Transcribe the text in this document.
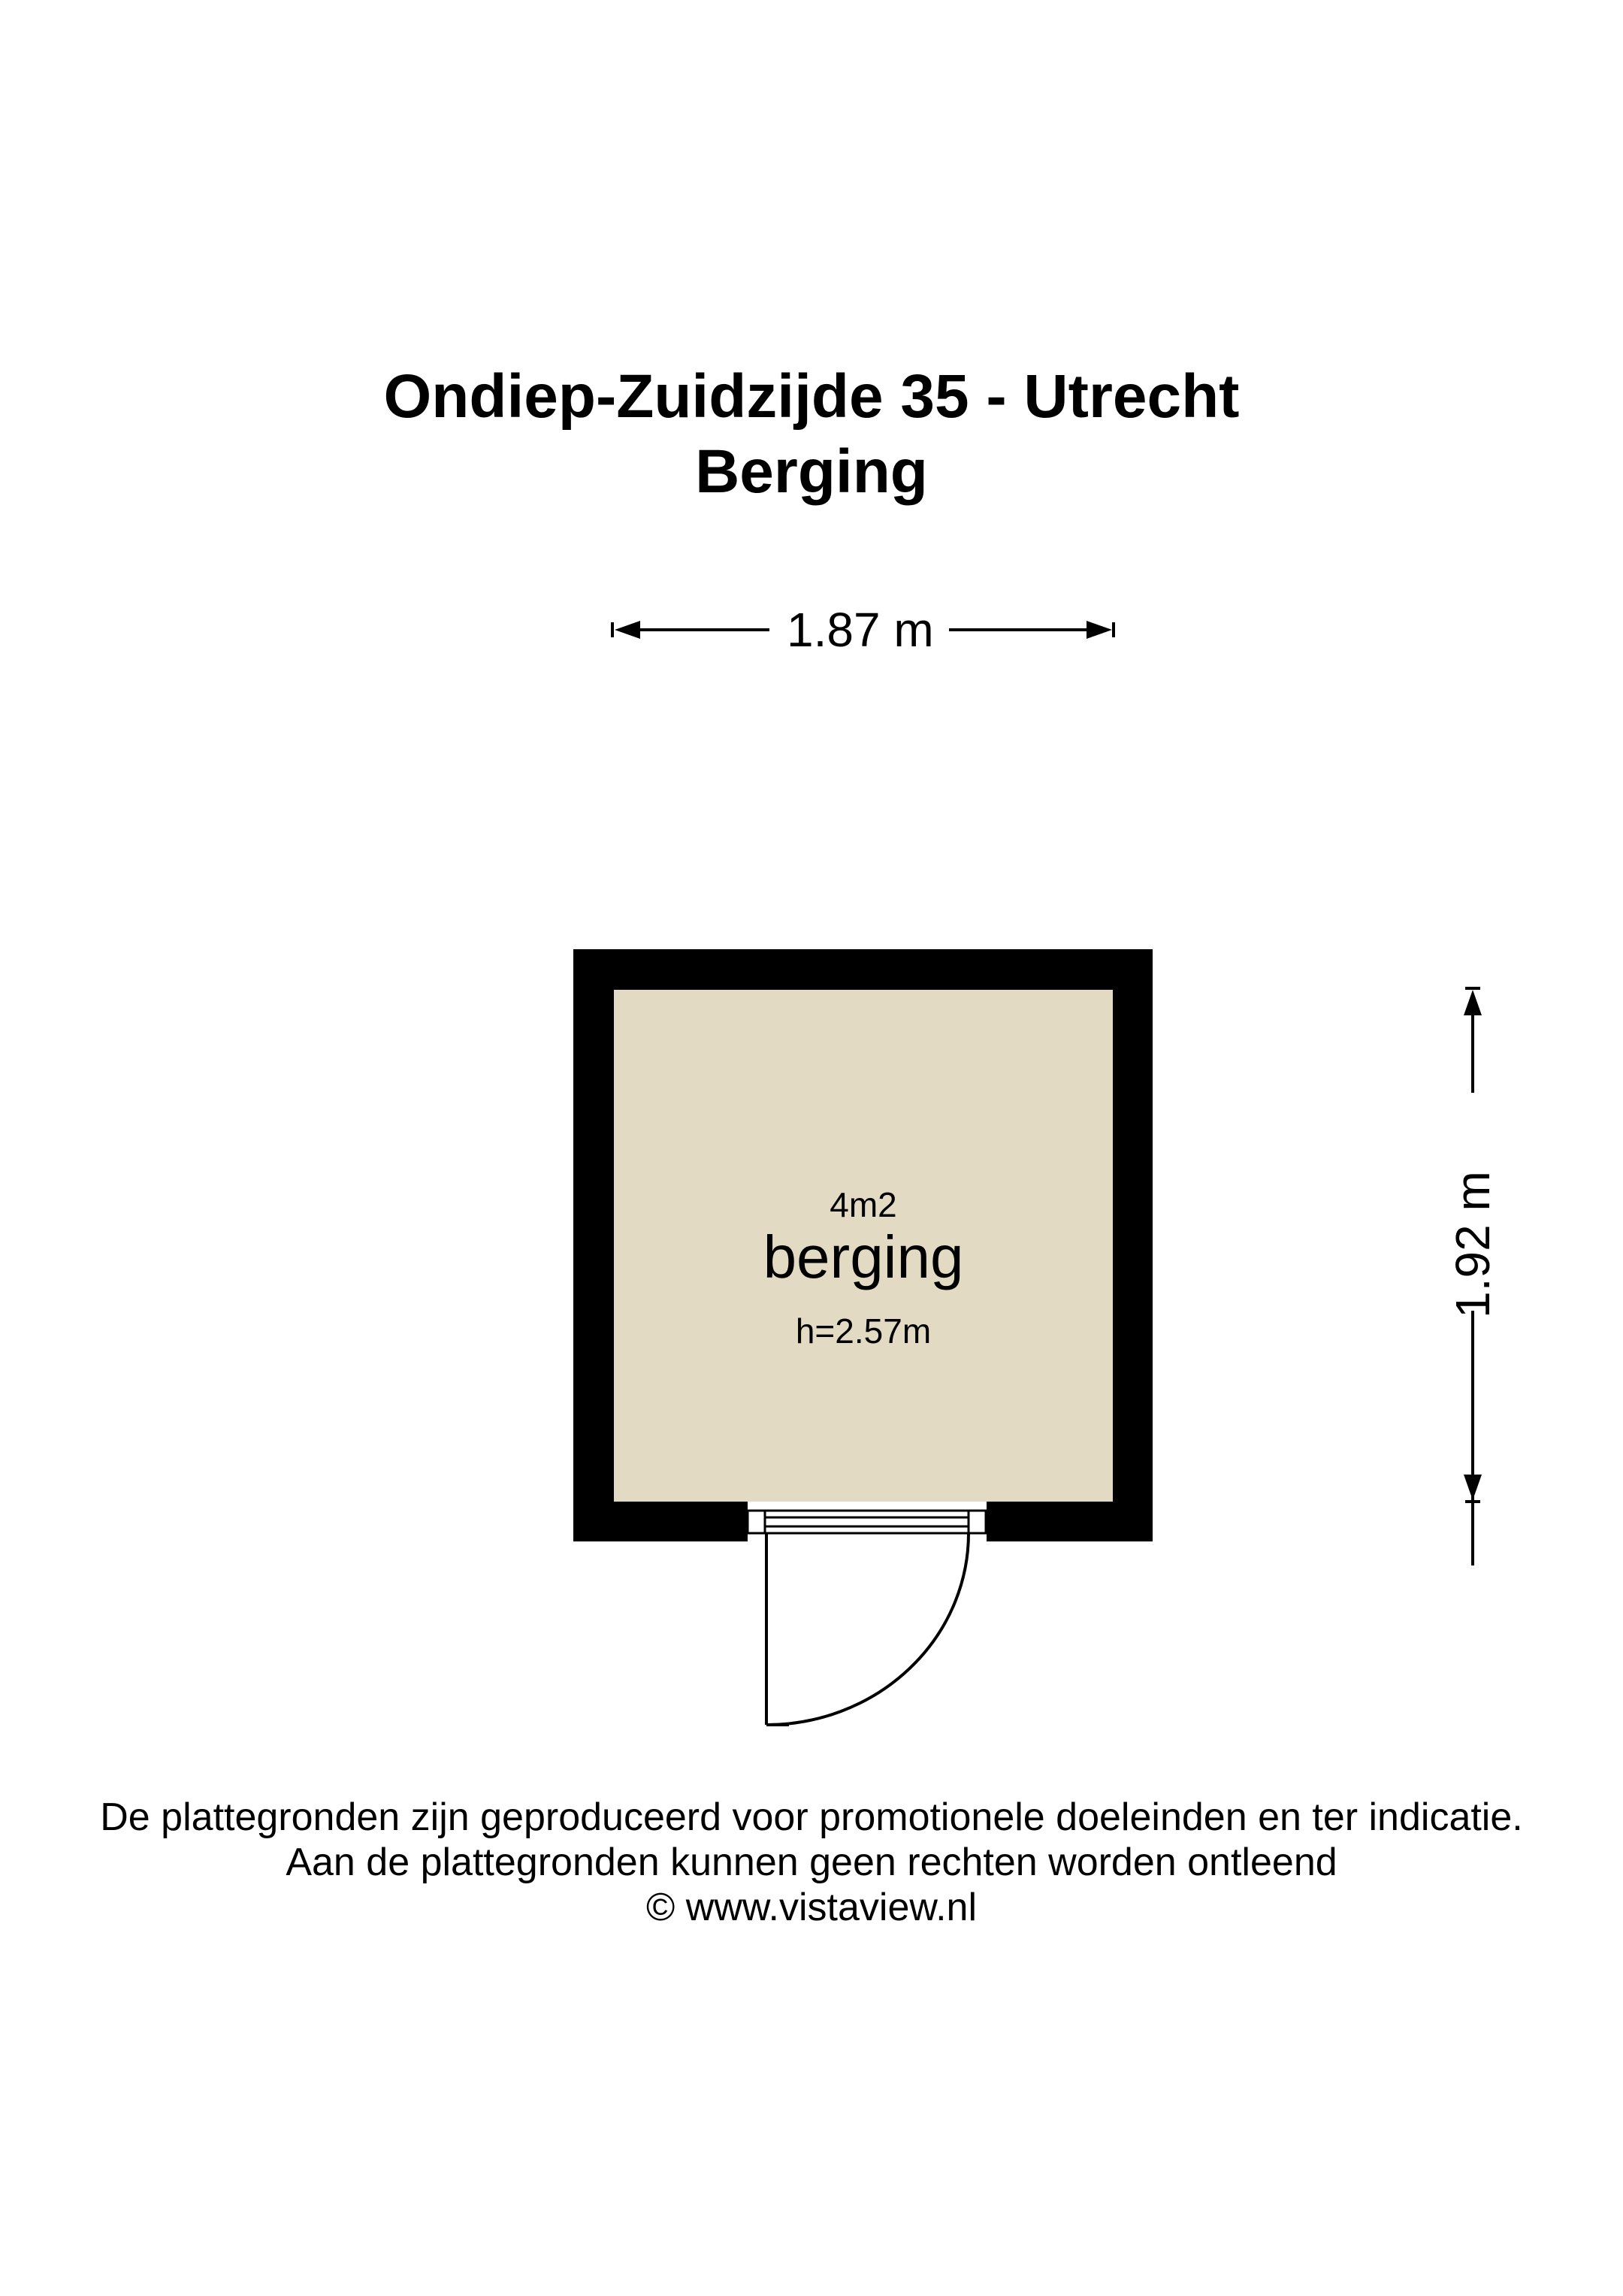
Ondiep-Zuidzijde 35 - Utrecht
Berging
1.87 m
1.92 m
4m2
berging
h=2.57m
De plattegronden zijn geproduceerd voor promotionele doeleinden en ter indicatie.
Aan de plattegronden kunnen geen rechten worden ontleend
© www.vistaview.nl
